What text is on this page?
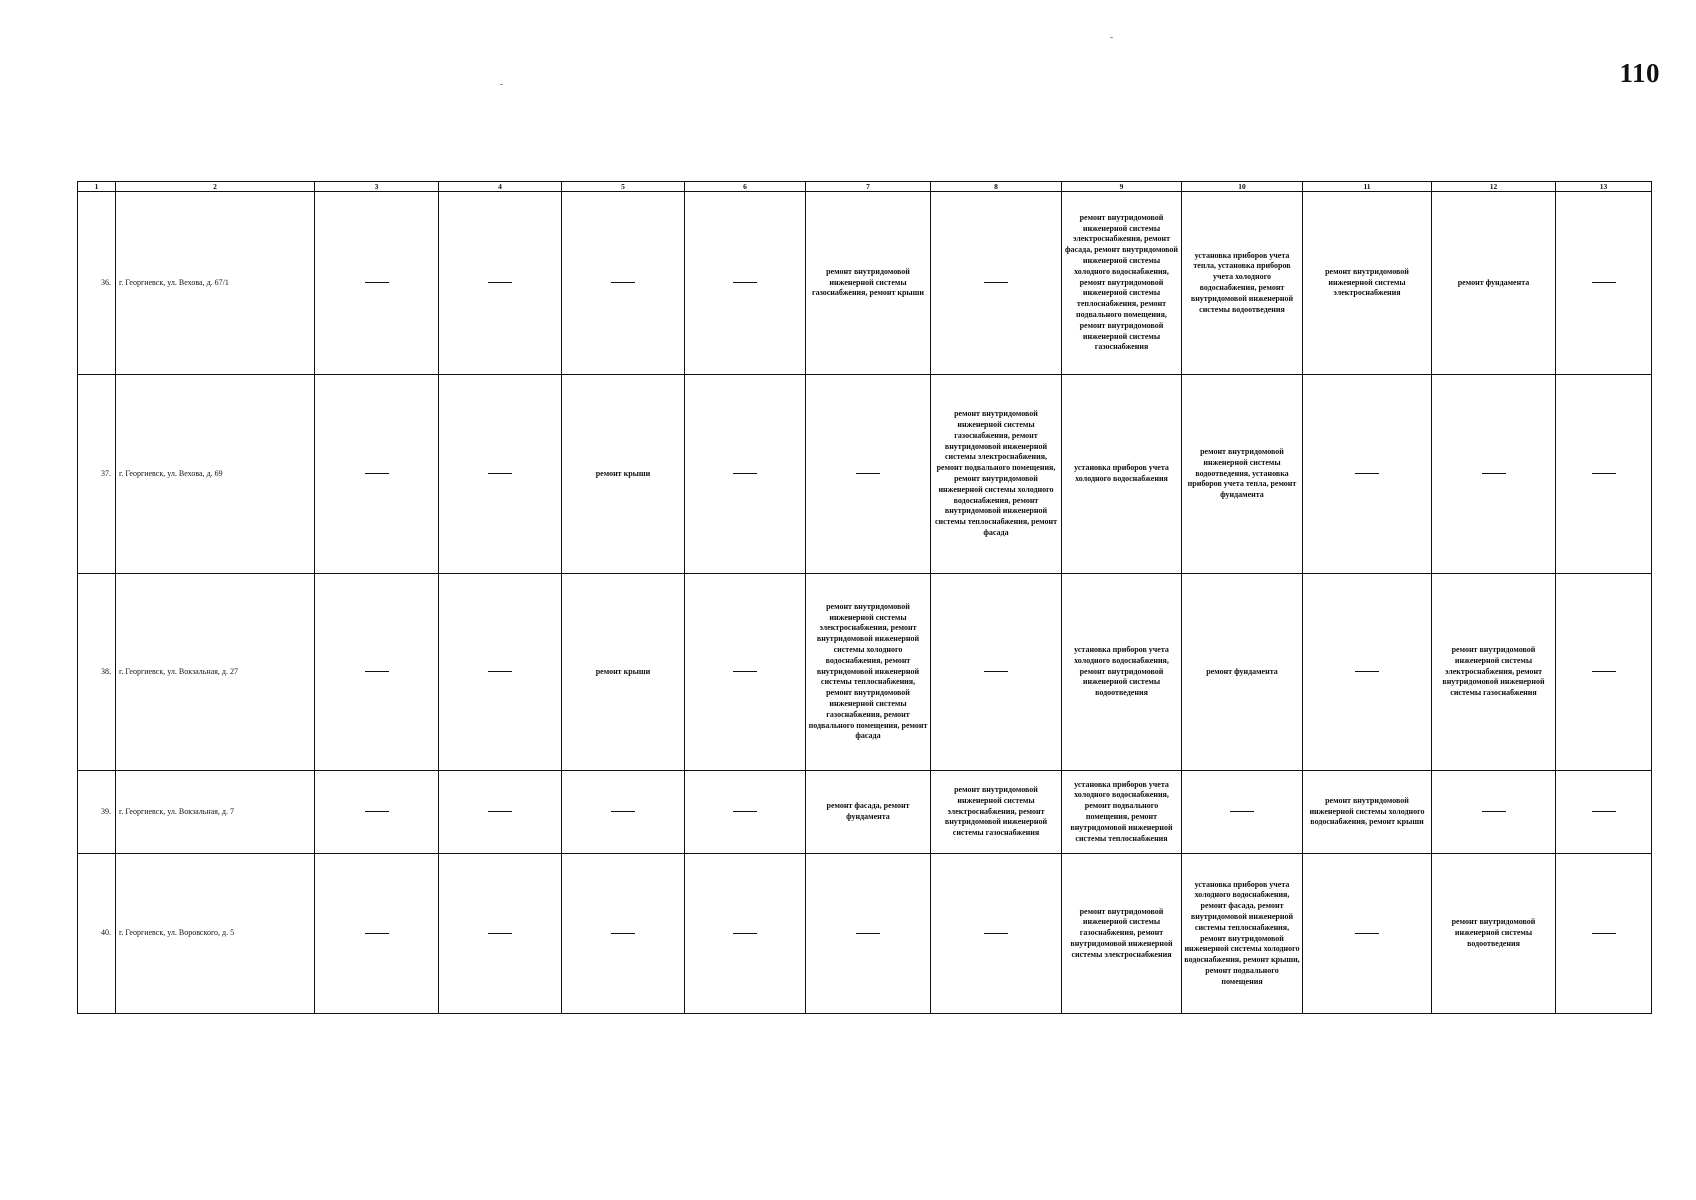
110
1	2	3	4	5	6	7	8	9	10	11	12	13
36.	г. Георгиевск, ул. Вехова, д. 67/1					ремонт внутридомовой инженерной системы газоснабжения, ремонт крыши		ремонт внутридомовой инженерной системы электроснабжения, ремонт фасада, ремонт внутридомовой инженерной системы холодного водоснабжения, ремонт внутридомовой инженерной системы теплоснабжения, ремонт подвального помещения, ремонт внутридомовой инженерной системы газоснабжения	установка приборов учета тепла, установка приборов учета холодного водоснабжения, ремонт внутридомовой инженерной системы водоотведения	ремонт внутридомовой инженерной системы электроснабжения	ремонт фундамента	
37.	г. Георгиевск, ул. Вехова, д. 69			ремонт крыши			ремонт внутридомовой инженерной системы газоснабжения, ремонт внутридомовой инженерной системы электроснабжения, ремонт подвального помещения, ремонт внутридомовой инженерной системы холодного водоснабжения, ремонт внутридомовой инженерной системы теплоснабжения, ремонт фасада	установка приборов учета холодного водоснабжения	ремонт внутридомовой инженерной системы водоотведения, установка приборов учета тепла, ремонт фундамента			
38.	г. Георгиевск, ул. Вокзальная, д. 27			ремонт крыши		ремонт внутридомовой инженерной системы электроснабжения, ремонт внутридомовой инженерной системы холодного водоснабжения, ремонт внутридомовой инженерной системы теплоснабжения, ремонт внутридомовой инженерной системы газоснабжения, ремонт подвального помещения, ремонт фасада		установка приборов учета холодного водоснабжения, ремонт внутридомовой инженерной системы водоотведения	ремонт фундамента		ремонт внутридомовой инженерной системы электроснабжения, ремонт внутридомовой инженерной системы газоснабжения	
39.	г. Георгиевск, ул. Вокзальная, д. 7					ремонт фасада, ремонт фундамента	ремонт внутридомовой инженерной системы электроснабжения, ремонт внутридомовой инженерной системы газоснабжения	установка приборов учета холодного водоснабжения, ремонт подвального помещения, ремонт внутридомовой инженерной системы теплоснабжения		ремонт внутридомовой инженерной системы холодного водоснабжения, ремонт крыши		
40.	г. Георгиевск, ул. Воровского, д. 5							ремонт внутридомовой инженерной системы газоснабжения, ремонт внутридомовой инженерной системы электроснабжения	установка приборов учета холодного водоснабжения, ремонт фасада, ремонт внутридомовой инженерной системы теплоснабжения, ремонт внутридомовой инженерной системы холодного водоснабжения, ремонт крыши, ремонт подвального помещения		ремонт внутридомовой инженерной системы водоотведения	
